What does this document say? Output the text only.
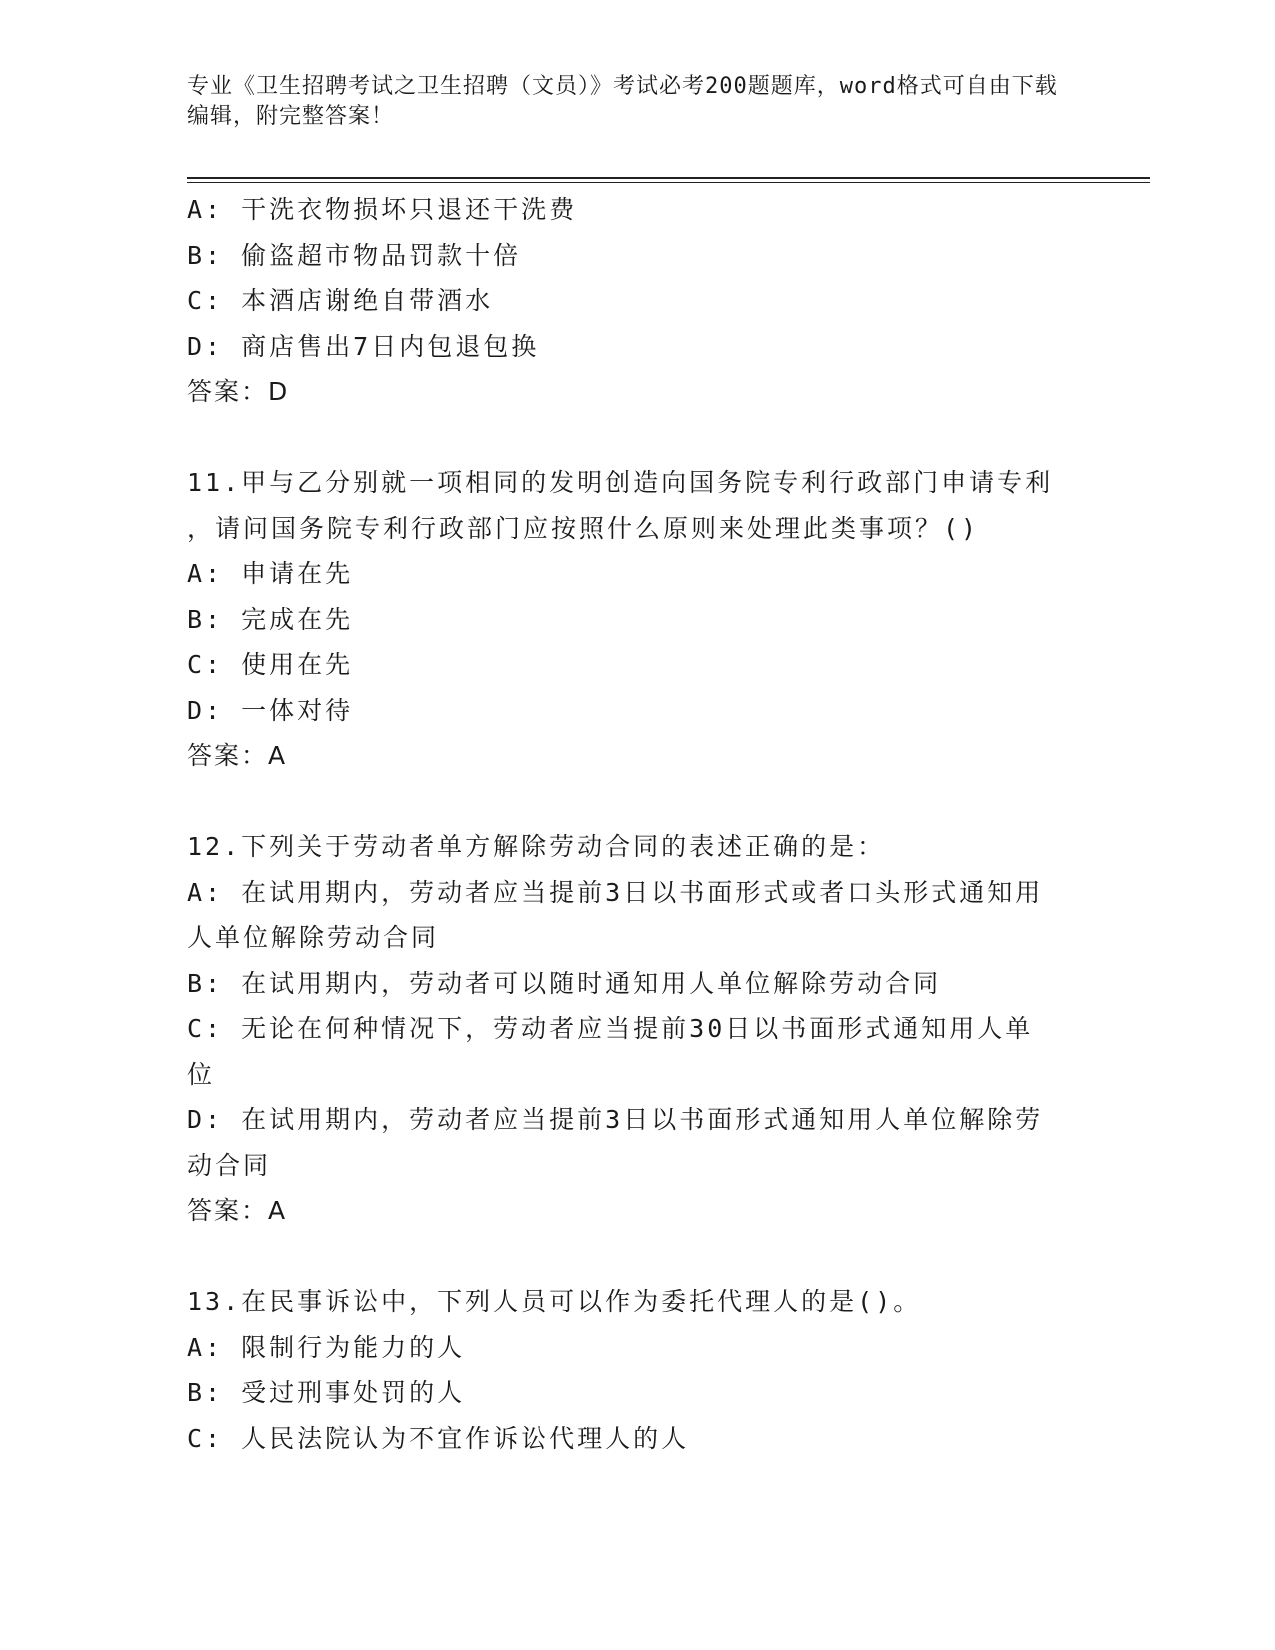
专业《卫生招聘考试之卫生招聘（文员）》考试必考200题题库，word格式可自由下载编辑，附完整答案！
A: 干洗衣物损坏只退还干洗费
B: 偷盗超市物品罚款十倍
C: 本酒店谢绝自带酒水
D: 商店售出7日内包退包换
答案：D
11.甲与乙分别就一项相同的发明创造向国务院专利行政部门申请专利
，请问国务院专利行政部门应按照什么原则来处理此类事项？()
A: 申请在先
B: 完成在先
C: 使用在先
D: 一体对待
答案：A
12.下列关于劳动者单方解除劳动合同的表述正确的是：
A: 在试用期内，劳动者应当提前3日以书面形式或者口头形式通知用
人单位解除劳动合同
B: 在试用期内，劳动者可以随时通知用人单位解除劳动合同
C: 无论在何种情况下，劳动者应当提前30日以书面形式通知用人单
位
D: 在试用期内，劳动者应当提前3日以书面形式通知用人单位解除劳
动合同
答案：A
13.在民事诉讼中，下列人员可以作为委托代理人的是()。
A: 限制行为能力的人
B: 受过刑事处罚的人
C: 人民法院认为不宜作诉讼代理人的人
